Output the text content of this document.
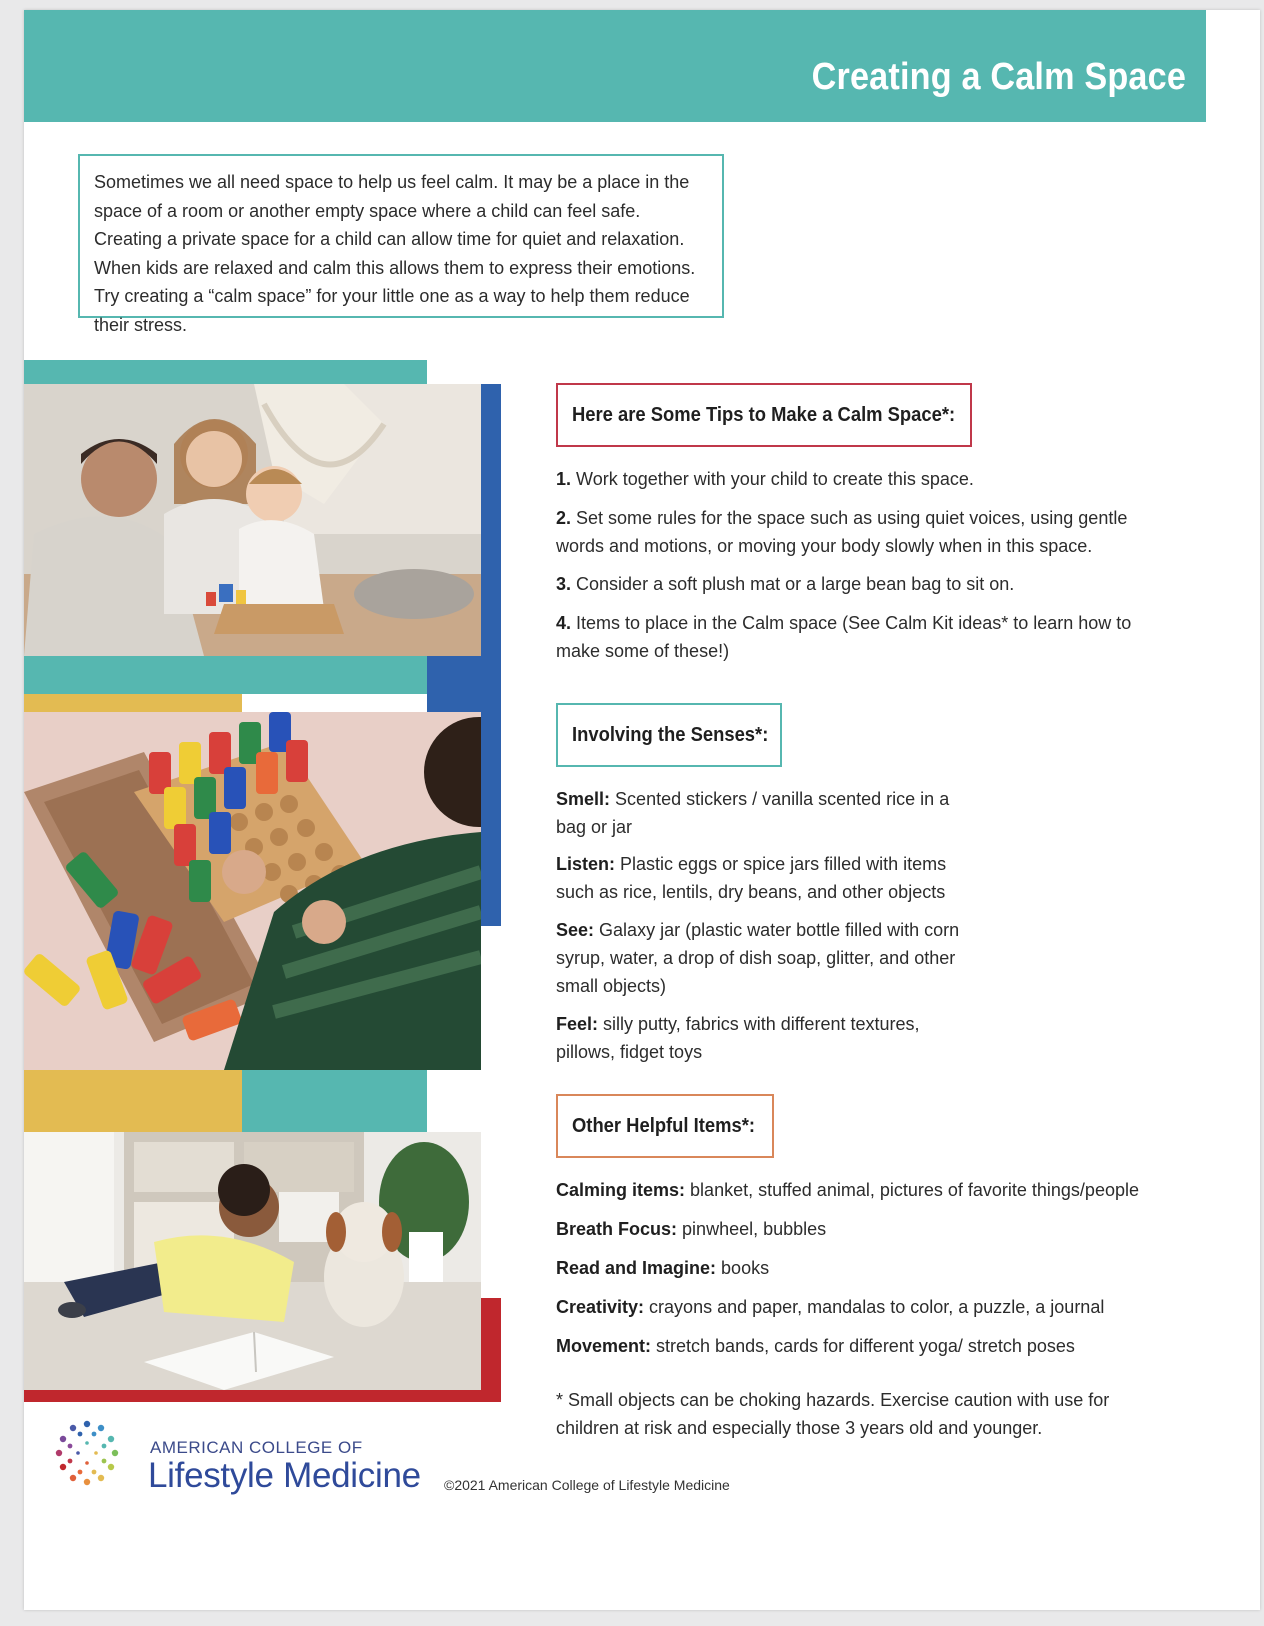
Creating a Calm Space
Sometimes we all need space to help us feel calm. It may be a place in the space of a room or another empty space where a child can feel safe. Creating a private space for a child can allow time for quiet and relaxation. When kids are relaxed and calm this allows them to express their emotions. Try creating a “calm space” for your little one as a way to help them reduce their stress.
Here are Some Tips to Make a Calm Space*:
1. Work together with your child to create this space.
2. Set some rules for the space such as using quiet voices, using gentle words and motions, or moving your body slowly when in this space.
3. Consider a soft plush mat or a large bean bag to sit on.
4. Items to place in the Calm space (See Calm Kit ideas* to learn how to make some of these!)
Involving the Senses*:
Smell: Scented stickers / vanilla scented rice in a bag or jar
Listen: Plastic eggs or spice jars filled with items such as rice, lentils, dry beans, and other objects
See: Galaxy jar (plastic water bottle filled with corn syrup, water, a drop of dish soap, glitter, and other small objects)
Feel: silly putty, fabrics with different textures, pillows, fidget toys
Other Helpful Items*:
Calming items: blanket, stuffed animal, pictures of favorite things/people
Breath Focus: pinwheel, bubbles
Read and Imagine: books
Creativity: crayons and paper, mandalas to color, a puzzle, a journal
Movement: stretch bands, cards for different yoga/ stretch poses
* Small objects can be choking hazards. Exercise caution with use for children at risk and especially those 3 years old and younger.
AMERICAN COLLEGE OF
Lifestyle Medicine ©2021 American College of Lifestyle Medicine
